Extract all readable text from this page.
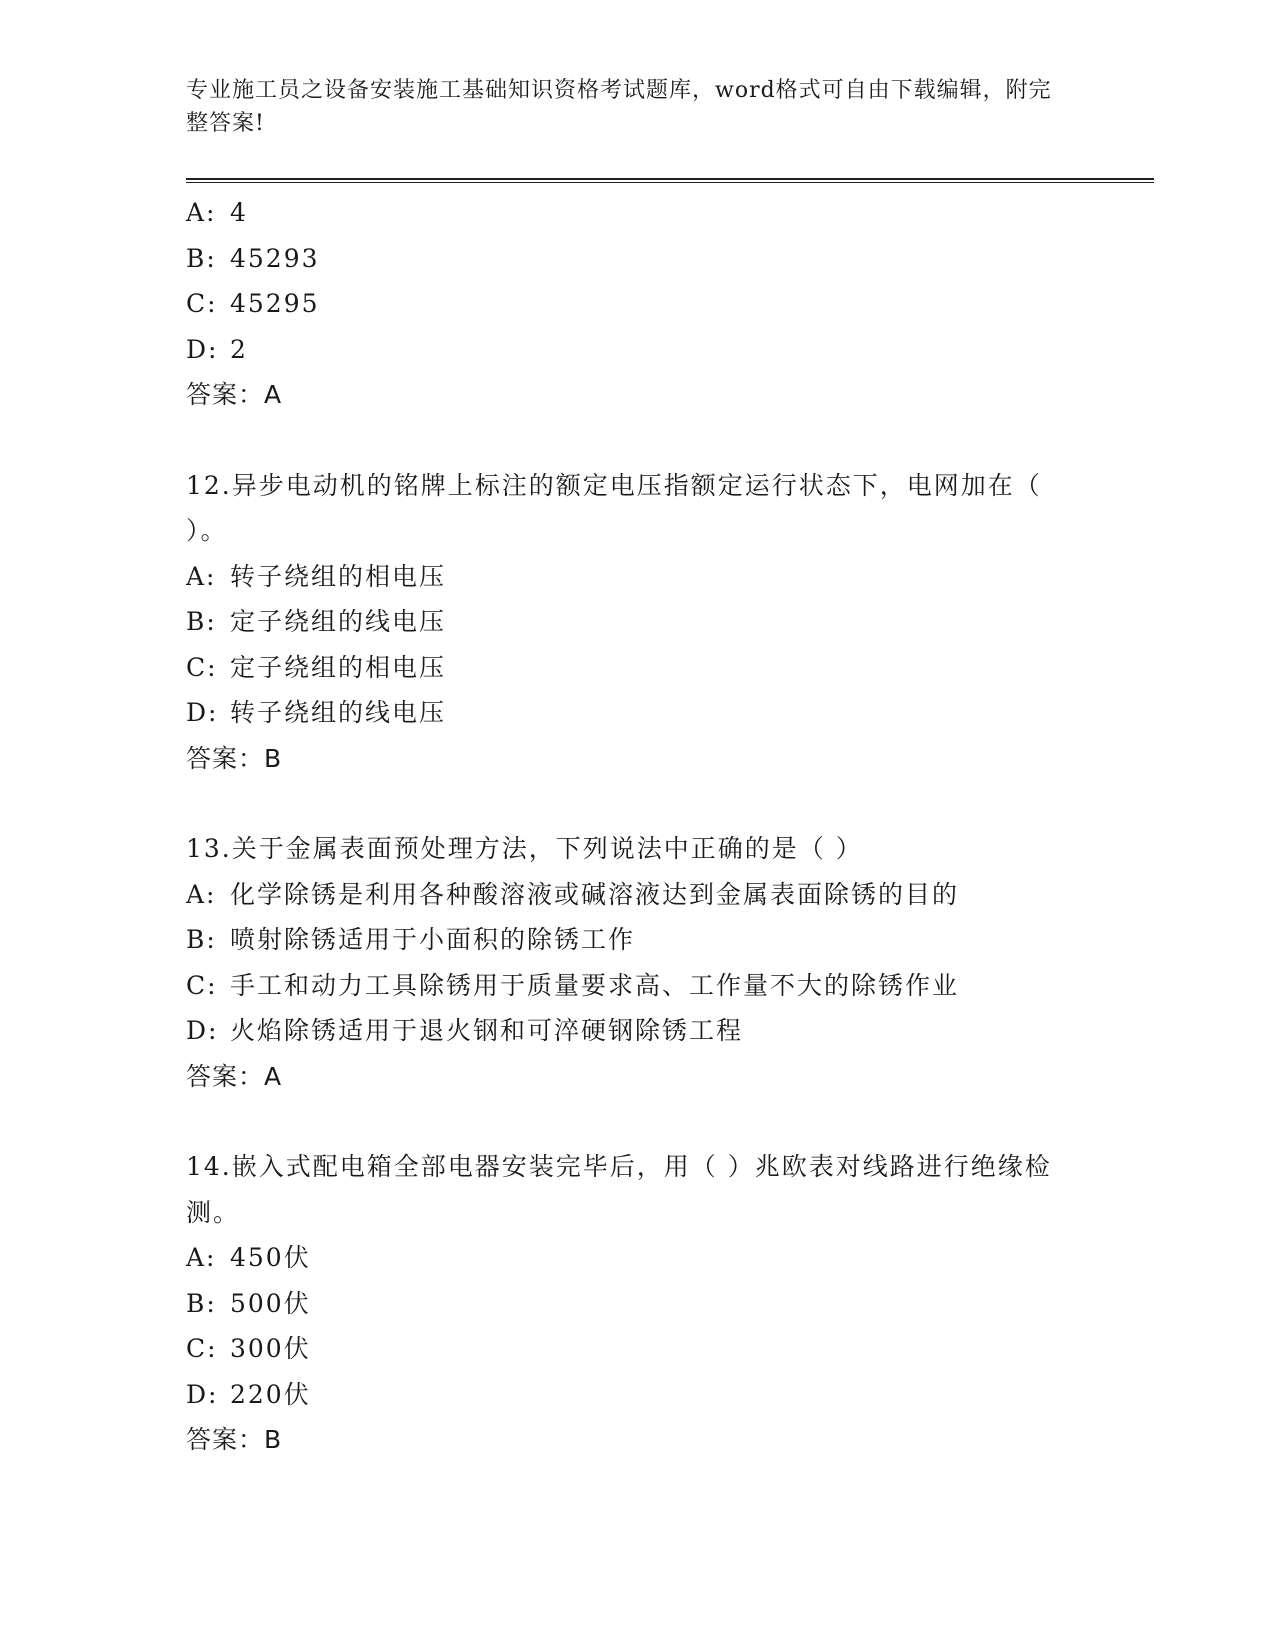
专业施工员之设备安装施工基础知识资格考试题库，word格式可自由下载编辑，附完整答案!
A: 4
B: 45293
C: 45295
D: 2
答案：A
12.异步电动机的铭牌上标注的额定电压指额定运行状态下，电网加在（ ）。
A: 转子绕组的相电压
B: 定子绕组的线电压
C: 定子绕组的相电压
D: 转子绕组的线电压
答案：B
13.关于金属表面预处理方法，下列说法中正确的是（ ）
A: 化学除锈是利用各种酸溶液或碱溶液达到金属表面除锈的目的
B: 喷射除锈适用于小面积的除锈工作
C: 手工和动力工具除锈用于质量要求高、工作量不大的除锈作业
D: 火焰除锈适用于退火钢和可淬硬钢除锈工程
答案：A
14.嵌入式配电箱全部电器安装完毕后，用（ ）兆欧表对线路进行绝缘检测。
A: 450伏
B: 500伏
C: 300伏
D: 220伏
答案：B
